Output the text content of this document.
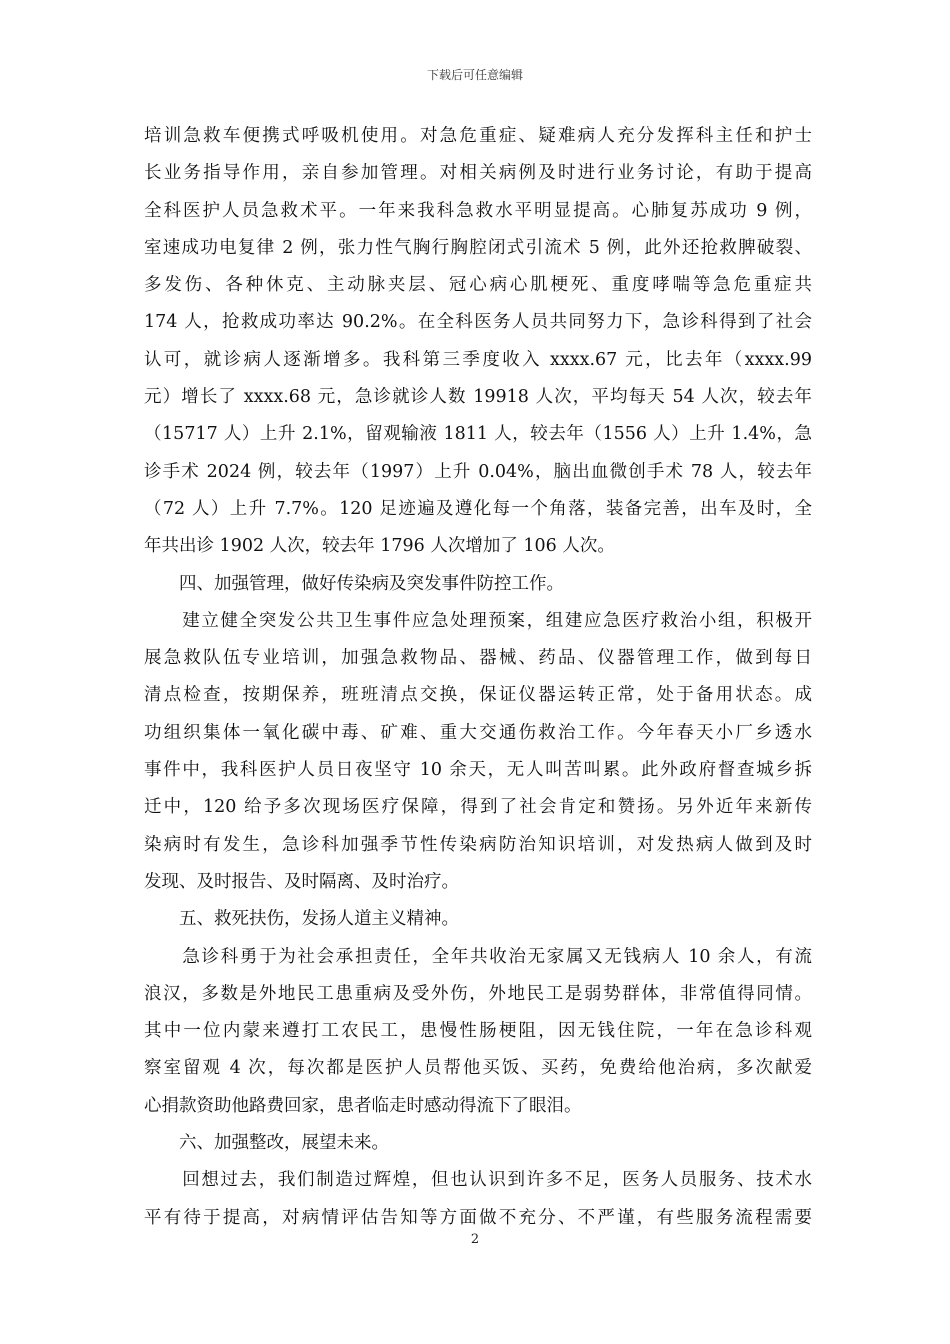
下载后可任意编辑
培训急救车便携式呼吸机使用。对急危重症、疑难病人充分发挥科主任和护士
长业务指导作用，亲自参加管理。对相关病例及时进行业务讨论，有助于提高
全科医护人员急救术平。一年来我科急救水平明显提高。心肺复苏成功 9 例，
室速成功电复律 2 例，张力性气胸行胸腔闭式引流术 5 例，此外还抢救脾破裂、
多发伤、各种休克、主动脉夹层、冠心病心肌梗死、重度哮喘等急危重症共
174 人，抢救成功率达 90.2%。在全科医务人员共同努力下，急诊科得到了社会
认可，就诊病人逐渐增多。我科第三季度收入 xxxx.67 元，比去年（xxxx.99
元）增长了 xxxx.68 元，急诊就诊人数 19918 人次，平均每天 54 人次，较去年
（15717 人）上升 2.1%，留观输液 1811 人，较去年（1556 人）上升 1.4%，急
诊手术 2024 例，较去年（1997）上升 0.04%，脑出血微创手术 78 人，较去年
（72 人）上升 7.7%。120 足迹遍及遵化每一个角落，装备完善，出车及时，全
年共出诊 1902 人次，较去年 1796 人次增加了 106 人次。
　　四、加强管理，做好传染病及突发事件防控工作。
　　建立健全突发公共卫生事件应急处理预案，组建应急医疗救治小组，积极开
展急救队伍专业培训，加强急救物品、器械、药品、仪器管理工作，做到每日
清点检查，按期保养，班班清点交换，保证仪器运转正常，处于备用状态。成
功组织集体一氧化碳中毒、矿难、重大交通伤救治工作。今年春天小厂乡透水
事件中，我科医护人员日夜坚守 10 余天，无人叫苦叫累。此外政府督查城乡拆
迁中，120 给予多次现场医疗保障，得到了社会肯定和赞扬。另外近年来新传
染病时有发生，急诊科加强季节性传染病防治知识培训，对发热病人做到及时
发现、及时报告、及时隔离、及时治疗。
　　五、救死扶伤，发扬人道主义精神。
　　急诊科勇于为社会承担责任，全年共收治无家属又无钱病人 10 余人，有流
浪汉，多数是外地民工患重病及受外伤，外地民工是弱势群体，非常值得同情。
其中一位内蒙来遵打工农民工，患慢性肠梗阻，因无钱住院，一年在急诊科观
察室留观 4 次，每次都是医护人员帮他买饭、买药，免费给他治病，多次献爱
心捐款资助他路费回家，患者临走时感动得流下了眼泪。
　　六、加强整改，展望未来。
　　回想过去，我们制造过辉煌，但也认识到许多不足，医务人员服务、技术水
平有待于提高，对病情评估告知等方面做不充分、不严谨，有些服务流程需要
2
